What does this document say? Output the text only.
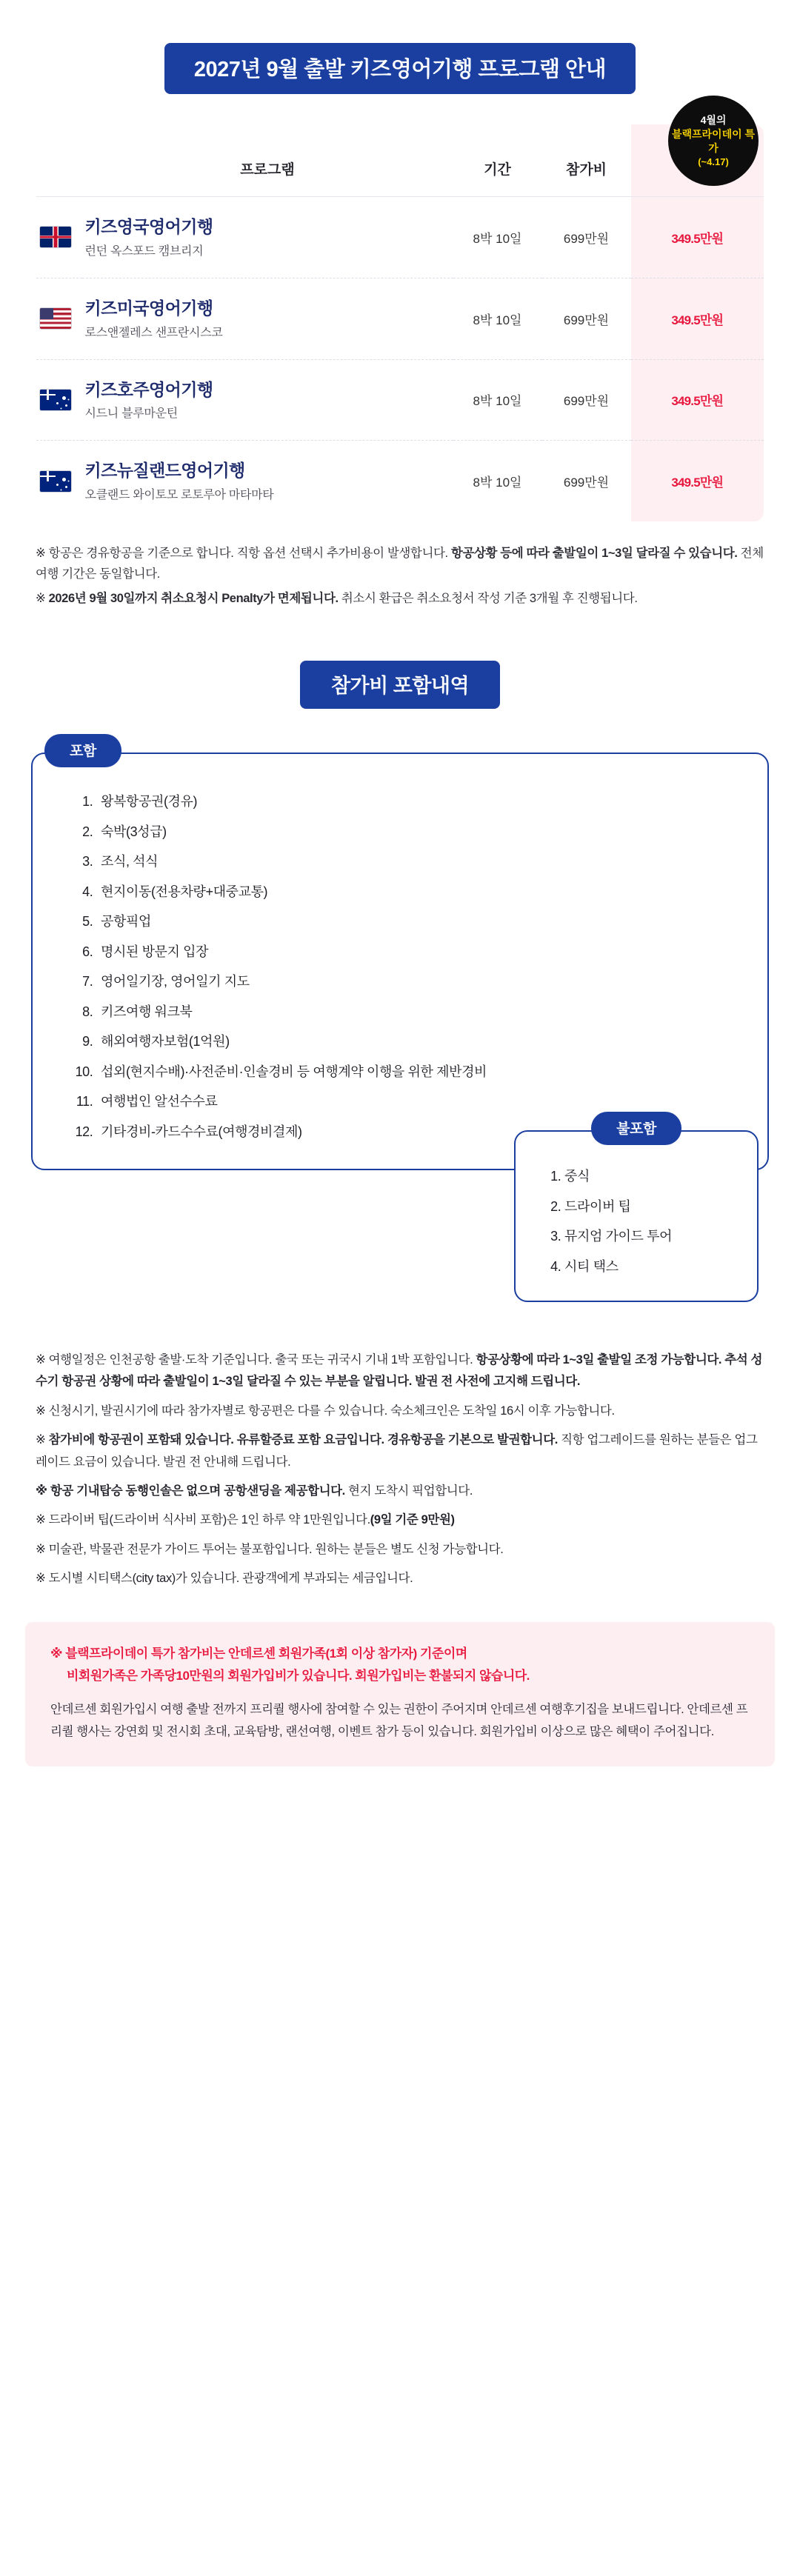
2027년 9월 출발 키즈영어기행 프로그램 안내
4월의
블랙프라이데이 특가
(~4.17)
	프로그램	기간	참가비	

	키즈영국영어기행
런던 옥스포드 캠브리지	8박 10일	699만원	349.5만원

	키즈미국영어기행
로스앤젤레스 샌프란시스코	8박 10일	699만원	349.5만원

	키즈호주영어기행
시드니 블루마운틴	8박 10일	699만원	349.5만원

	키즈뉴질랜드영어기행
오클랜드 와이토모 로토루아 마타마타	8박 10일	699만원	349.5만원

※ 항공은 경유항공을 기준으로 합니다. 직항 옵션 선택시 추가비용이 발생합니다. 항공상황 등에 따라 출발일이 1~3일 달라질 수 있습니다. 전체 여행 기간은 동일합니다.

※ 2026년 9월 30일까지 취소요청시 Penalty가 면제됩니다. 취소시 환급은 취소요청서 작성 기준 3개월 후 진행됩니다.

참가비 포함내역
포함
1. 왕복항공권(경유)
2. 숙박(3성급)
3. 조식, 석식
4. 현지이동(전용차량+대중교통)
5. 공항픽업
6. 명시된 방문지 입장
7. 영어일기장, 영어일기 지도
8. 키즈여행 워크북
9. 해외여행자보험(1억원)
10. 섭외(현지수배)·사전준비·인솔경비 등 여행계약 이행을 위한 제반경비
11. 여행법인 알선수수료
12. 기타경비-카드수수료(여행경비결제)	불포함
1. 중식
2. 드라이버 팁
3. 뮤지엄 가이드 투어
4. 시티 택스

※ 여행일정은 인천공항 출발·도착 기준입니다. 출국 또는 귀국시 기내 1박 포함입니다. 항공상황에 따라 1~3일 출발일 조정 가능합니다. 추석 성수기 항공권 상황에 따라 출발일이 1~3일 달라질 수 있는 부분을 알립니다. 발권 전 사전에 고지해 드립니다.

※ 신청시기, 발권시기에 따라 참가자별로 항공편은 다를 수 있습니다. 숙소체크인은 도착일 16시 이후 가능합니다.

※ 참가비에 항공권이 포함돼 있습니다. 유류할증료 포함 요금입니다. 경유항공을 기본으로 발권합니다. 직항 업그레이드를 원하는 분들은 업그레이드 요금이 있습니다. 발권 전 안내해 드립니다.

※ 항공 기내탑승 동행인솔은 없으며 공항샌딩을 제공합니다. 현지 도착시 픽업합니다.

※ 드라이버 팁(드라이버 식사비 포함)은 1인 하루 약 1만원입니다.(9일 기준 9만원)

※ 미술관, 박물관 전문가 가이드 투어는 불포함입니다. 원하는 분들은 별도 신청 가능합니다.

※ 도시별 시티택스(city tax)가 있습니다. 관광객에게 부과되는 세금입니다.

※ 블랙프라이데이 특가 참가비는 안데르센 회원가족(1회 이상 참가자) 기준이며
비회원가족은 가족당10만원의 회원가입비가 있습니다. 회원가입비는 환불되지 않습니다.
안데르센 회원가입시 여행 출발 전까지 프리퀄 행사에 참여할 수 있는 권한이 주어지며 안데르센 여행후기집을 보내드립니다. 안데르센 프리퀄 행사는 강연회 및 전시회 초대, 교육탐방, 랜선여행, 이벤트 참가 등이 있습니다. 회원가입비 이상으로 많은 혜택이 주어집니다.
